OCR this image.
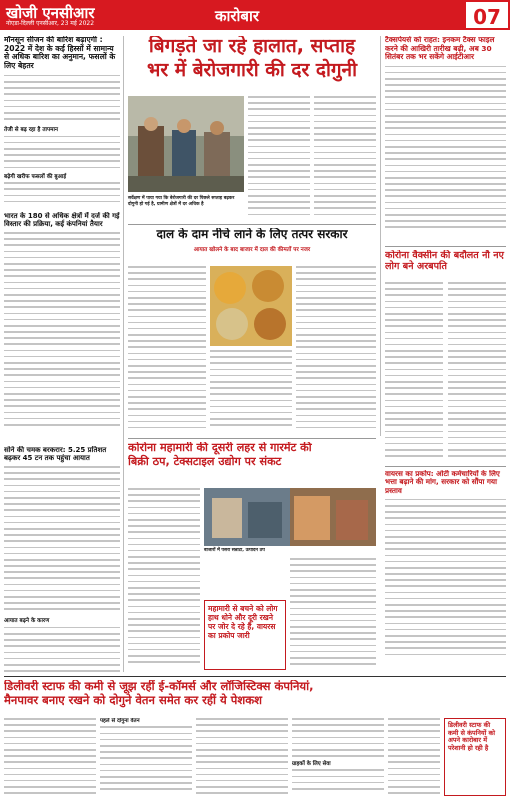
खोजी एनसीआर
नोएडा-दिल्ली एनसीआर, 23 मई 2022	कारोबार	07
मॉनसून सीजन की बारिश बढ़ाएगी : 2022 में देश के कई हिस्सों में सामान्य से अधिक बारिश का अनुमान, फसलों के लिए बेहतर
तेजी से बढ़ रहा है तापमान
बढ़ेगी खरीफ फसलों की बुआई
भारत के 180 से अधिक क्षेत्रों में दर्ज की गई विस्तार की प्रक्रिया, कई कंपनियां तैयार
सोने की चमक बरकरार: 5.25 प्रतिशत बढ़कर 45 टन तक पहुंचा आयात
आयात बढ़ने के कारण
बिगड़ते जा रहे हालात, सप्ताह
भर में बेरोजगारी की दर दोगुनी
सर्वेक्षण में पाया गया कि बेरोजगारी की दर पिछले सप्ताह बढ़कर दोगुनी हो गई है, ग्रामीण क्षेत्रों में दर अधिक है
दाल के दाम नीचे लाने के लिए तत्पर सरकार
आयात खोलने के बाद बाजार में दाल की कीमतों पर नजर
टैक्सपेयर्स को राहत: इनकम टैक्स फाइल करने की आखिरी तारीख बढ़ी, अब 30 सितंबर तक भर सकेंगे आईटीआर
कोरोना वैक्सीन की बदौलत नौ नए लोग बने अरबपति
वायरस का प्रकोप: ओटी कर्मचारियों के लिए भत्ता बढ़ाने की मांग, सरकार को सौंपा गया प्रस्ताव
कोरोना महामारी की दूसरी लहर से गारमेंट की
बिक्री ठप, टेक्सटाइल उद्योग पर संकट
बाजारों में पसरा सन्नाटा, उत्पादन ठप
महामारी से बचने को लोग हाथ धोने और दूरी रखने पर जोर दे रहे हैं, वायरस का प्रकोप जारी
डिलीवरी स्टाफ की कमी से जूझ रहीं ई-कॉमर्स और लॉजिस्टिक्स कंपनियां,
मैनपावर बनाए रखने को दोगुने वेतन समेत कर रहीं ये पेशकश
पहले से दोगुना वेतन
ग्राहकों के लिए सेवा
डिलीवरी स्टाफ की कमी से कंपनियों को अपने कारोबार में परेशानी हो रही है
